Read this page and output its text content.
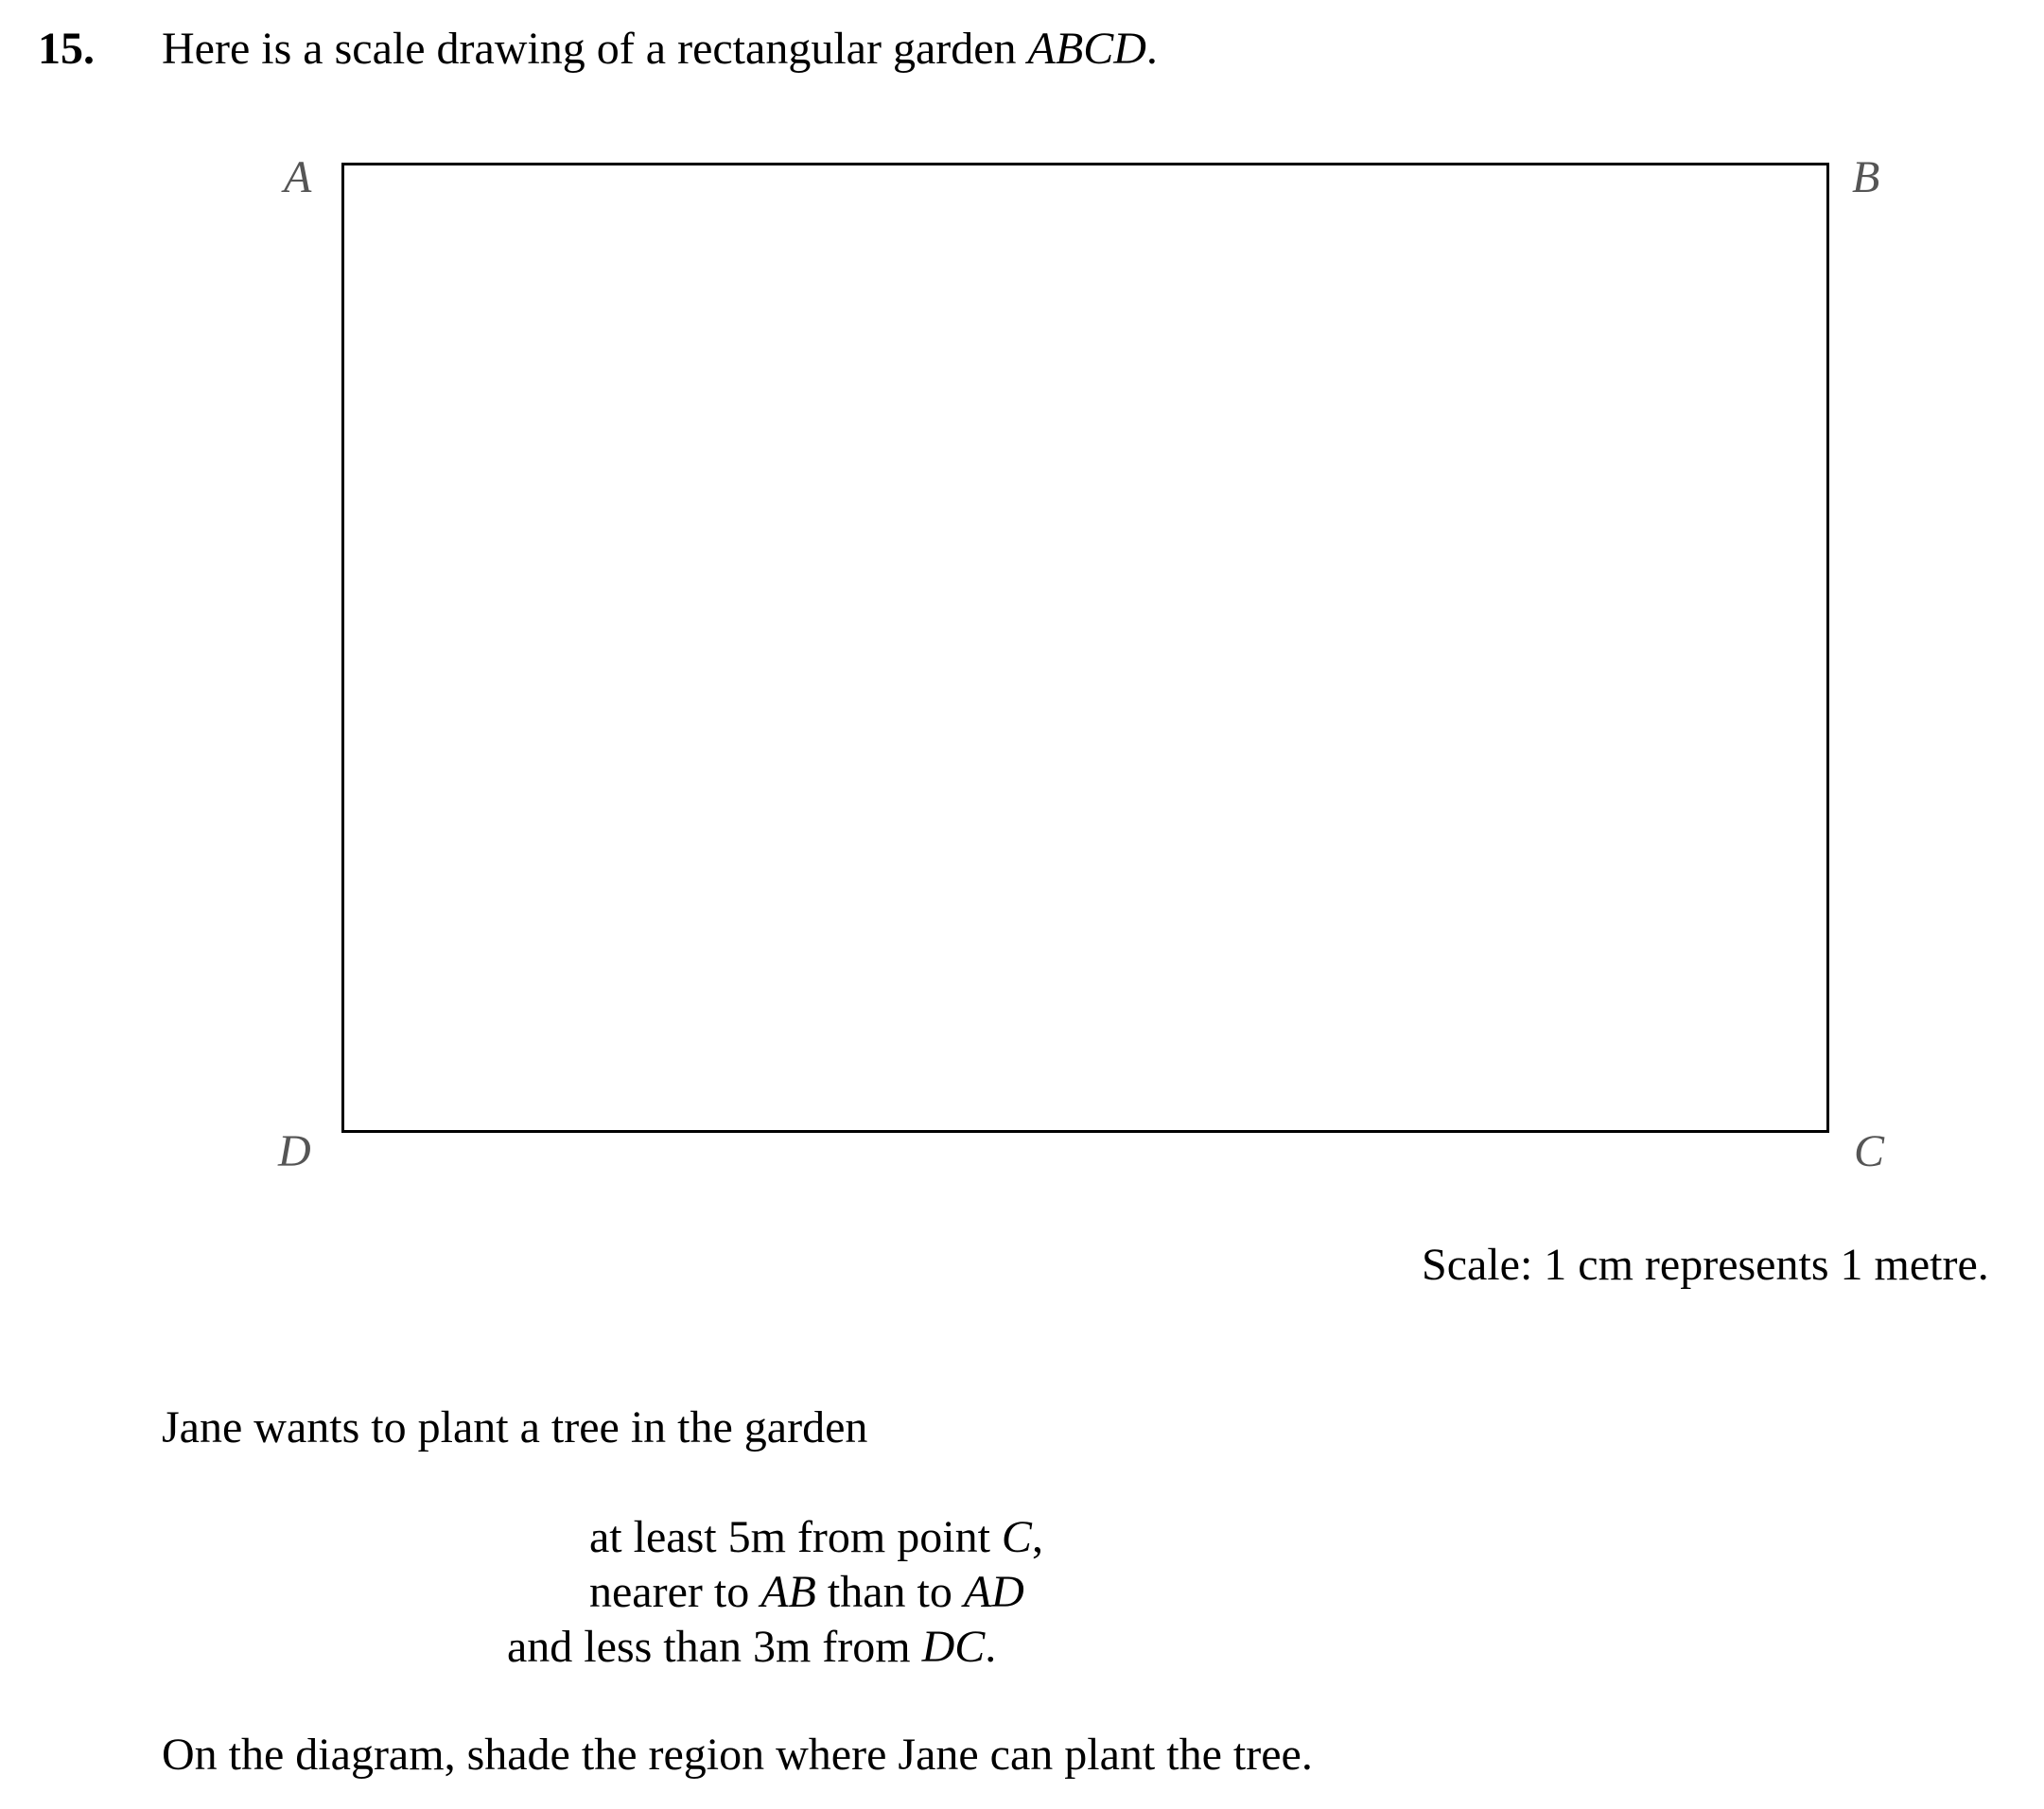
15. Here is a scale drawing of a rectangular garden ABCD.
A	B
D	C
Scale: 1 cm represents 1 metre.
Jane wants to plant a tree in the garden
at least 5m from point C,
nearer to AB than to AD
and less than 3m from DC.
On the diagram, shade the region where Jane can plant the tree.
